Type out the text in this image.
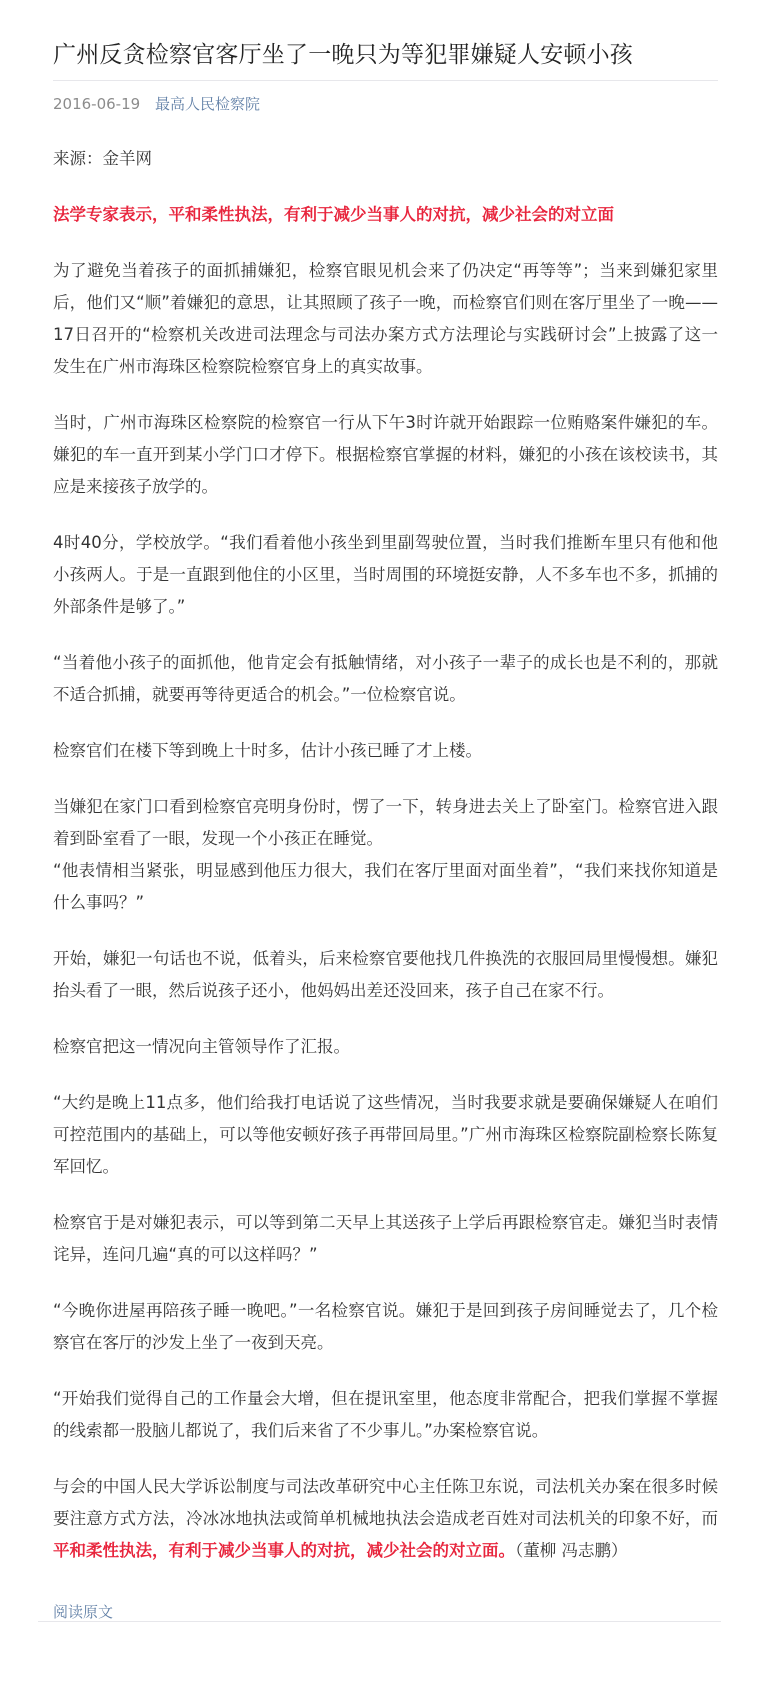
广州反贪检察官客厅坐了一晚只为等犯罪嫌疑人安顿小孩
2016-06-19 最高人民检察院

来源：金羊网

法学专家表示，平和柔性执法，有利于减少当事人的对抗，减少社会的对立面

为了避免当着孩子的面抓捕嫌犯，检察官眼见机会来了仍决定“再等等”；当来到嫌犯家里后，他们又“顺”着嫌犯的意思，让其照顾了孩子一晚，而检察官们则在客厅里坐了一晚——17日召开的“检察机关改进司法理念与司法办案方式方法理论与实践研讨会”上披露了这一发生在广州市海珠区检察院检察官身上的真实故事。

当时，广州市海珠区检察院的检察官一行从下午3时许就开始跟踪一位贿赂案件嫌犯的车。嫌犯的车一直开到某小学门口才停下。根据检察官掌握的材料，嫌犯的小孩在该校读书，其应是来接孩子放学的。

4时40分，学校放学。“我们看着他小孩坐到里副驾驶位置，当时我们推断车里只有他和他小孩两人。于是一直跟到他住的小区里，当时周围的环境挺安静，人不多车也不多，抓捕的外部条件是够了。”

“当着他小孩子的面抓他，他肯定会有抵触情绪，对小孩子一辈子的成长也是不利的，那就不适合抓捕，就要再等待更适合的机会。”一位检察官说。

检察官们在楼下等到晚上十时多，估计小孩已睡了才上楼。

当嫌犯在家门口看到检察官亮明身份时，愣了一下，转身进去关上了卧室门。检察官进入跟着到卧室看了一眼，发现一个小孩正在睡觉。

“他表情相当紧张，明显感到他压力很大，我们在客厅里面对面坐着”，“我们来找你知道是什么事吗？”

开始，嫌犯一句话也不说，低着头，后来检察官要他找几件换洗的衣服回局里慢慢想。嫌犯抬头看了一眼，然后说孩子还小，他妈妈出差还没回来，孩子自己在家不行。

检察官把这一情况向主管领导作了汇报。

“大约是晚上11点多，他们给我打电话说了这些情况，当时我要求就是要确保嫌疑人在咱们可控范围内的基础上，可以等他安顿好孩子再带回局里。”广州市海珠区检察院副检察长陈复军回忆。

检察官于是对嫌犯表示，可以等到第二天早上其送孩子上学后再跟检察官走。嫌犯当时表情诧异，连问几遍“真的可以这样吗？”

“今晚你进屋再陪孩子睡一晚吧。”一名检察官说。嫌犯于是回到孩子房间睡觉去了，几个检察官在客厅的沙发上坐了一夜到天亮。

“开始我们觉得自己的工作量会大增，但在提讯室里，他态度非常配合，把我们掌握不掌握的线索都一股脑儿都说了，我们后来省了不少事儿。”办案检察官说。

与会的中国人民大学诉讼制度与司法改革研究中心主任陈卫东说，司法机关办案在很多时候要注意方式方法，冷冰冰地执法或简单机械地执法会造成老百姓对司法机关的印象不好，而平和柔性执法，有利于减少当事人的对抗，减少社会的对立面。（董柳 冯志鹏）

阅读原文
